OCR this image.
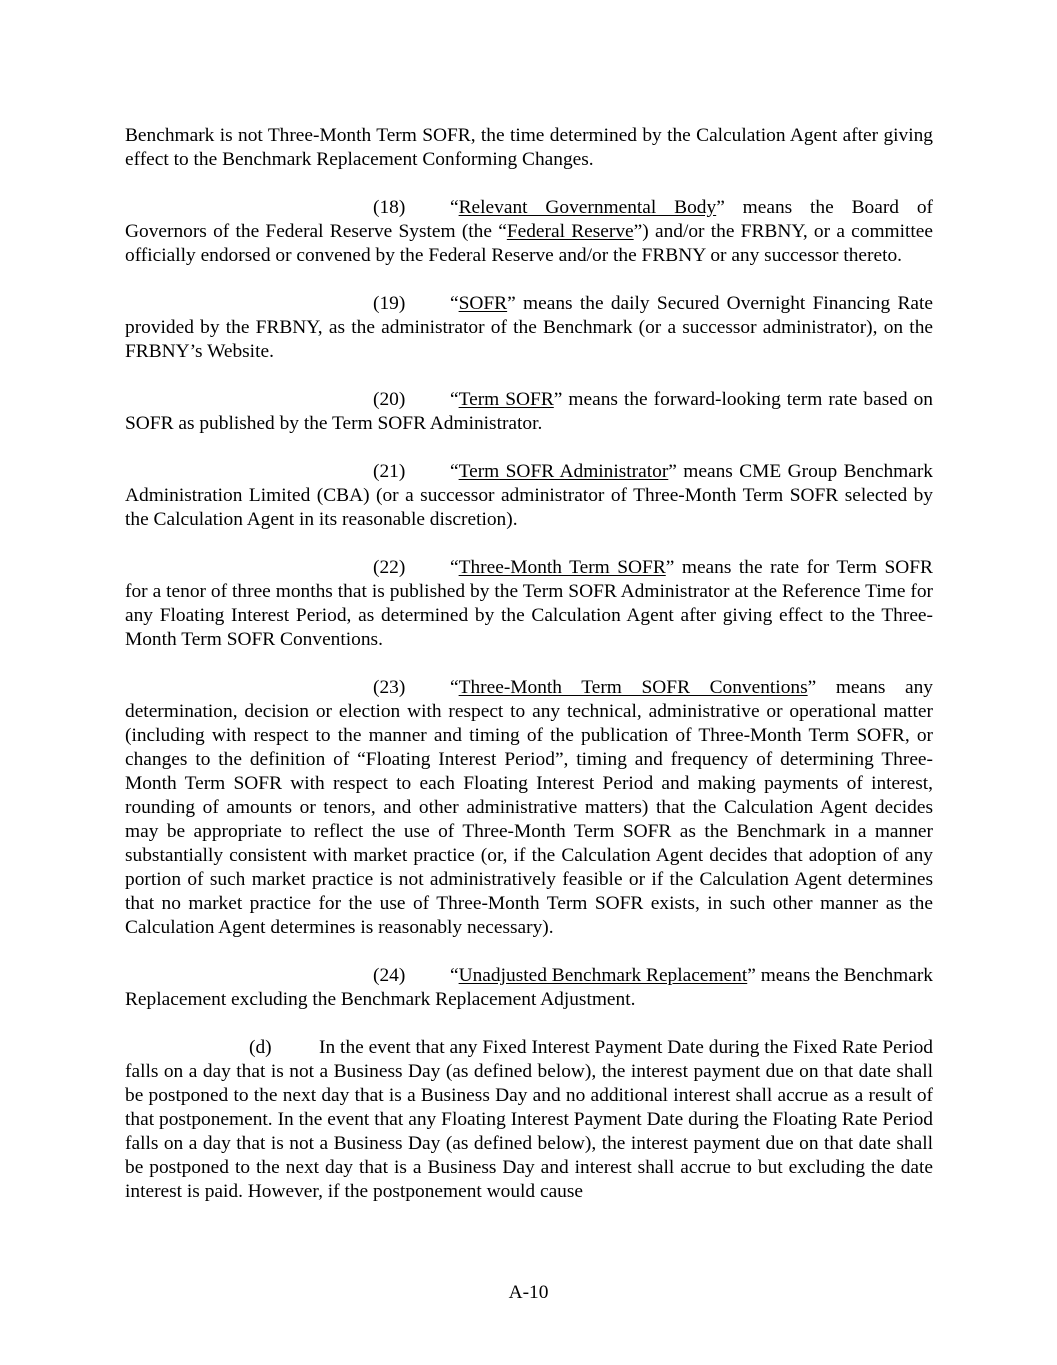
Benchmark is not Three-Month Term SOFR, the time determined by the Calculation Agent after giving effect to the Benchmark Replacement Conforming Changes.

(18) “Relevant Governmental Body” means the Board of Governors of the Federal Reserve System (the “Federal Reserve”) and/or the FRBNY, or a committee officially endorsed or convened by the Federal Reserve and/or the FRBNY or any successor thereto.

(19) “SOFR” means the daily Secured Overnight Financing Rate provided by the FRBNY, as the administrator of the Benchmark (or a successor administrator), on the FRBNY’s Website.

(20) “Term SOFR” means the forward-looking term rate based on SOFR as published by the Term SOFR Administrator.

(21) “Term SOFR Administrator” means CME Group Benchmark Administration Limited (CBA) (or a successor administrator of Three-Month Term SOFR selected by the Calculation Agent in its reasonable discretion).

(22) “Three-Month Term SOFR” means the rate for Term SOFR for a tenor of three months that is published by the Term SOFR Administrator at the Reference Time for any Floating Interest Period, as determined by the Calculation Agent after giving effect to the Three-Month Term SOFR Conventions.

(23) “Three-Month Term SOFR Conventions” means any determination, decision or election with respect to any technical, administrative or operational matter (including with respect to the manner and timing of the publication of Three-Month Term SOFR, or changes to the definition of “Floating Interest Period”, timing and frequency of determining Three-Month Term SOFR with respect to each Floating Interest Period and making payments of interest, rounding of amounts or tenors, and other administrative matters) that the Calculation Agent decides may be appropriate to reflect the use of Three-Month Term SOFR as the Benchmark in a manner substantially consistent with market practice (or, if the Calculation Agent decides that adoption of any portion of such market practice is not administratively feasible or if the Calculation Agent determines that no market practice for the use of Three-Month Term SOFR exists, in such other manner as the Calculation Agent determines is reasonably necessary).

(24) “Unadjusted Benchmark Replacement” means the Benchmark Replacement excluding the Benchmark Replacement Adjustment.

(d) In the event that any Fixed Interest Payment Date during the Fixed Rate Period falls on a day that is not a Business Day (as defined below), the interest payment due on that date shall be postponed to the next day that is a Business Day and no additional interest shall accrue as a result of that postponement. In the event that any Floating Interest Payment Date during the Floating Rate Period falls on a day that is not a Business Day (as defined below), the interest payment due on that date shall be postponed to the next day that is a Business Day and interest shall accrue to but excluding the date interest is paid. However, if the postponement would cause

A-10
